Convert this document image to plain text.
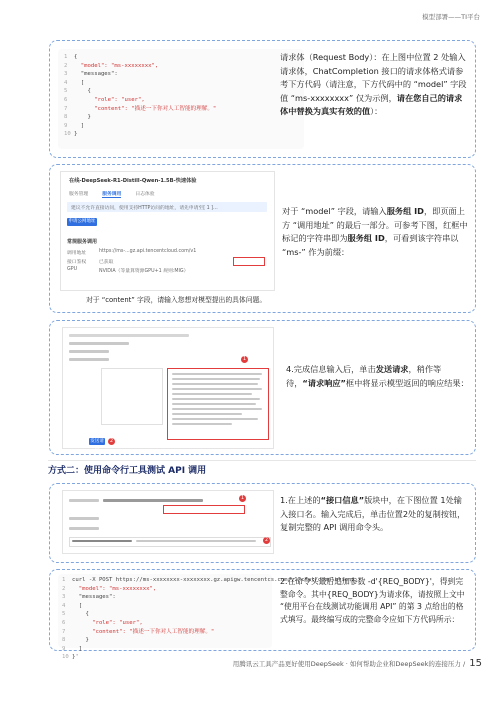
模型部署——TI平台
1 {
2  "model": "ms-xxxxxxxx",
3  "messages":
4  [
5    {
6      "role": "user",
7      "content": "描述一下你对人工智能的理解。"
8    }
9  ]
10 }
请求体（Request Body）：在上图中位置 2 处输入请求体，ChatCompletion 接口的请求体格式请参考下方代码（请注意，下方代码中的 “model” 字段值 “ms-xxxxxxxx” 仅为示例，请在您自己的请求体中替换为真实有效的值）：
在线-DeepSeek-R1-Distill-Qwen-1.5B-快速体验
服务管理	服务调用	日志体验
建议不允许直接访问，使用支持HTTP访问的地址，请先申请至[ 1 ]…
申请公网地址
常规服务调用
调用地址	https://ms-...gz.api.tencentcloud.com/v1
接口鉴权	已获取
GPU	NVIDIA（等量算资源GPU+1 规则:MIG）
对于 “content” 字段，请输入您想对模型提出的具体问题。
对于 “model” 字段，请输入服务组 ID，即页面上方 “调用地址” 的最后一部分。可参考下图，红框中标记的字符串即为服务组 ID，可看到该字符串以 “ms-” 作为前缀：
1
发送请求
2
4.完成信息输入后，单击发送请求，稍作等待，“请求响应”框中将显示模型返回的响应结果：
方式二：使用命令行工具测试 API 调用
1
2
1.在上述的“接口信息”版块中，在下图位置 1处输入接口名。输入完成后，单击位置2处的复制按钮，复制完整的 API 调用命令头。
1 curl -X POST https://ms-xxxxxxxx-xxxxxxxx.gz.apigw.tencentcs.com/v1/chat/completions
2  "model": "ms-xxxxxxxx",
3  "messages":
4  [
5    {
6      "role": "user",
7      "content": "描述一下你对人工智能的理解。"
8    }
9  ]
10 }'
2.在命令头最后追加参数 -d'{REQ_BODY}'，得到完整命令。其中{REQ_BODY}为请求体，请按照上文中 “使用平台在线测试功能调用 API” 的第 3 点给出的格式填写。最终编写成的完整命令应如下方代码所示：
用腾讯云工具产品更好使用DeepSeek · 如何帮助企业和DeepSeek的连接压力 / 15
